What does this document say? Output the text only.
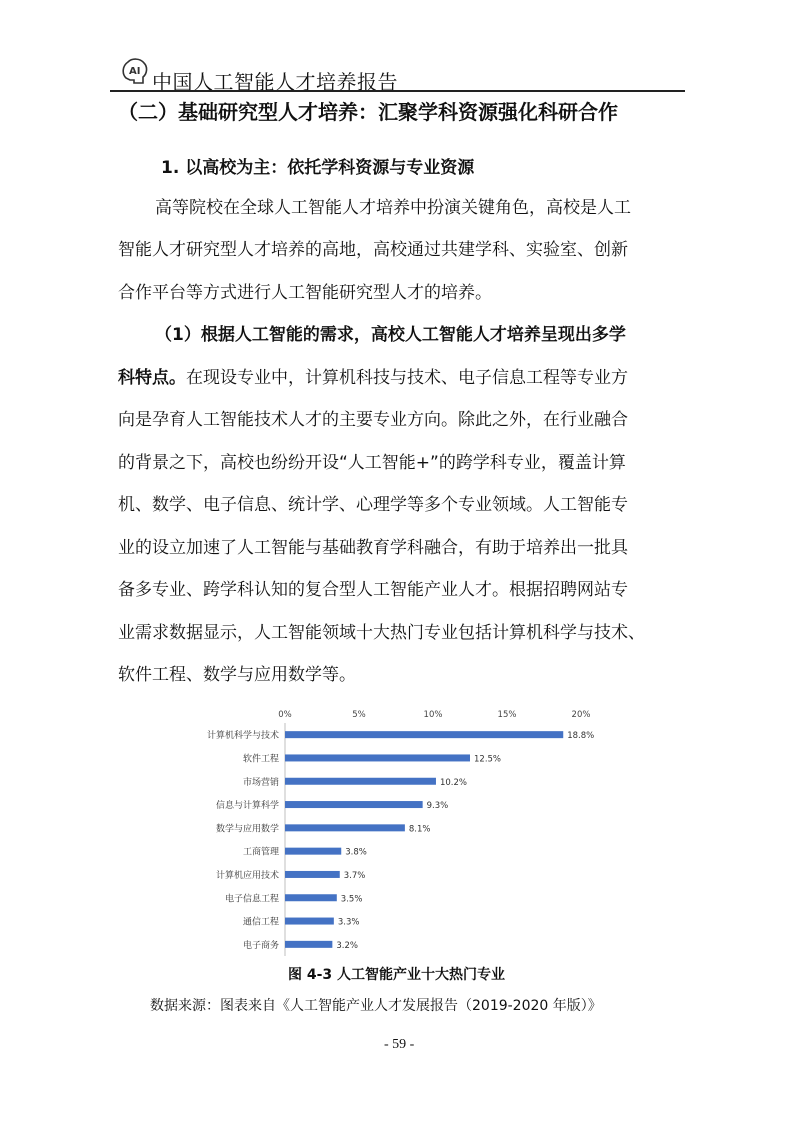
AI 中国人工智能人才培养报告
（二）基础研究型人才培养：汇聚学科资源强化科研合作
1. 以高校为主：依托学科资源与专业资源
高等院校在全球人工智能人才培养中扮演关键角色，高校是人工
智能人才研究型人才培养的高地，高校通过共建学科、实验室、创新
合作平台等方式进行人工智能研究型人才的培养。
（1）根据人工智能的需求，高校人工智能人才培养呈现出多学
科特点。在现设专业中，计算机科技与技术、电子信息工程等专业方
向是孕育人工智能技术人才的主要专业方向。除此之外，在行业融合
的背景之下，高校也纷纷开设“人工智能+”的跨学科专业，覆盖计算
机、数学、电子信息、统计学、心理学等多个专业领域。人工智能专
业的设立加速了人工智能与基础教育学科融合，有助于培养出一批具
备多专业、跨学科认知的复合型人工智能产业人才。根据招聘网站专
业需求数据显示，人工智能领域十大热门专业包括计算机科学与技术、
软件工程、数学与应用数学等。
0%	5%	10%	15%	20%
计算机科学与技术	18.8%
软件工程	12.5%
市场营销	10.2%
信息与计算科学	9.3%
数学与应用数学	8.1%
工商管理	3.8%
计算机应用技术	3.7%
电子信息工程	3.5%
通信工程	3.3%
电子商务	3.2%
图 4-3 人工智能产业十大热门专业
数据来源：图表来自《人工智能产业人才发展报告（2019-2020 年版）》
- 59 -
